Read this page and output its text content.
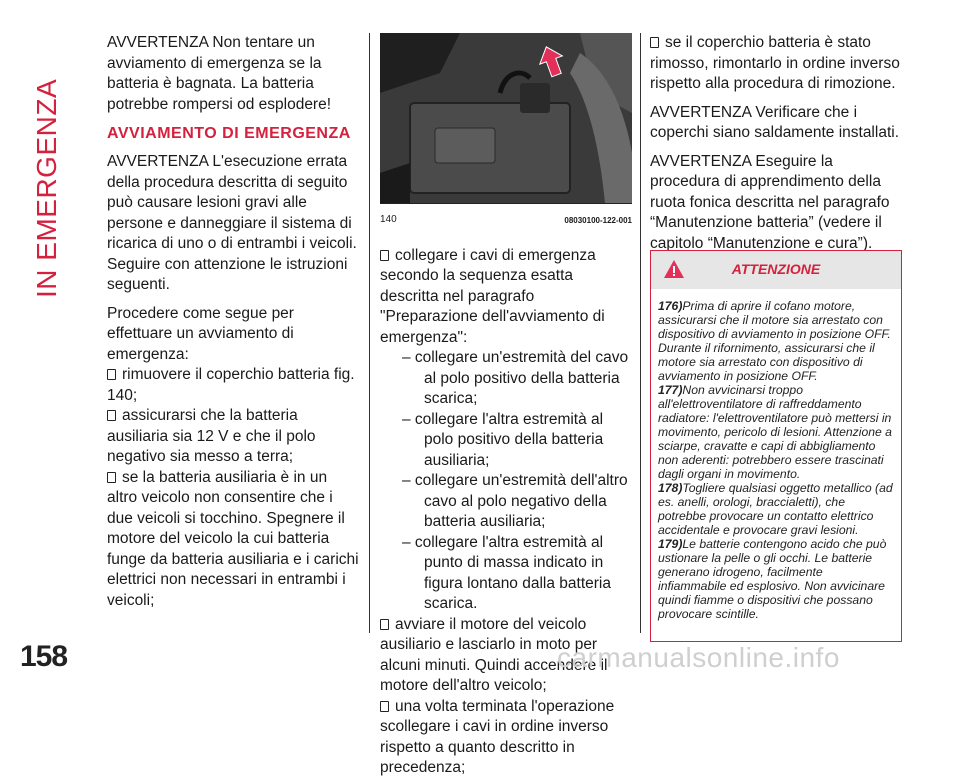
IN EMERGENZA
158

AVVERTENZA Non tentare un avviamento di emergenza se la batteria è bagnata. La batteria potrebbe rompersi od esplodere!

AVVIAMENTO DI EMERGENZA

AVVERTENZA L'esecuzione errata della procedura descritta di seguito può causare lesioni gravi alle persone e danneggiare il sistema di ricarica di uno o di entrambi i veicoli. Seguire con attenzione le istruzioni seguenti.

Procedere come segue per effettuare un avviamento di emergenza:

rimuovere il coperchio batteria fig. 140;
assicurarsi che la batteria ausiliaria sia 12 V e che il polo negativo sia messo a terra;
se la batteria ausiliaria è in un altro veicolo non consentire che i due veicoli si tocchino. Spegnere il motore del veicolo la cui batteria funge da batteria ausiliaria e i carichi elettrici non necessari in entrambi i veicoli;
140	08030100-122-001
collegare i cavi di emergenza secondo la sequenza esatta descritta nel paragrafo "Preparazione dell'avviamento di emergenza":
– collegare un'estremità del cavo al polo positivo della batteria scarica;
– collegare l'altra estremità al polo positivo della batteria ausiliaria;
– collegare un'estremità dell'altro cavo al polo negativo della batteria ausiliaria;
– collegare l'altra estremità al punto di massa indicato in figura lontano dalla batteria scarica.
avviare il motore del veicolo ausiliario e lasciarlo in moto per alcuni minuti. Quindi accendere il motore dell'altro veicolo;
una volta terminata l'operazione scollegare i cavi in ordine inverso rispetto a quanto descritto in precedenza;
se il coperchio batteria è stato rimosso, rimontarlo in ordine inverso rispetto alla procedura di rimozione.

AVVERTENZA Verificare che i coperchi siano saldamente installati.

AVVERTENZA Eseguire la procedura di apprendimento della ruota fonica descritta nel paragrafo “Manutenzione batteria” (vedere il capitolo “Manutenzione e cura”).

ATTENZIONE
176)Prima di aprire il cofano motore, assicurarsi che il motore sia arrestato con dispositivo di avviamento in posizione OFF. Durante il rifornimento, assicurarsi che il motore sia arrestato con dispositivo di avviamento in posizione OFF.
177)Non avvicinarsi troppo all'elettroventilatore di raffreddamento radiatore: l'elettroventilatore può mettersi in movimento, pericolo di lesioni. Attenzione a sciarpe, cravatte e capi di abbigliamento non aderenti: potrebbero essere trascinati dagli organi in movimento.
178)Togliere qualsiasi oggetto metallico (ad es. anelli, orologi, braccialetti), che potrebbe provocare un contatto elettrico accidentale e provocare gravi lesioni.
179)Le batterie contengono acido che può ustionare la pelle o gli occhi. Le batterie generano idrogeno, facilmente infiammabile ed esplosivo. Non avvicinare quindi fiamme o dispositivi che possano provocare scintille.
carmanualsonline.info
